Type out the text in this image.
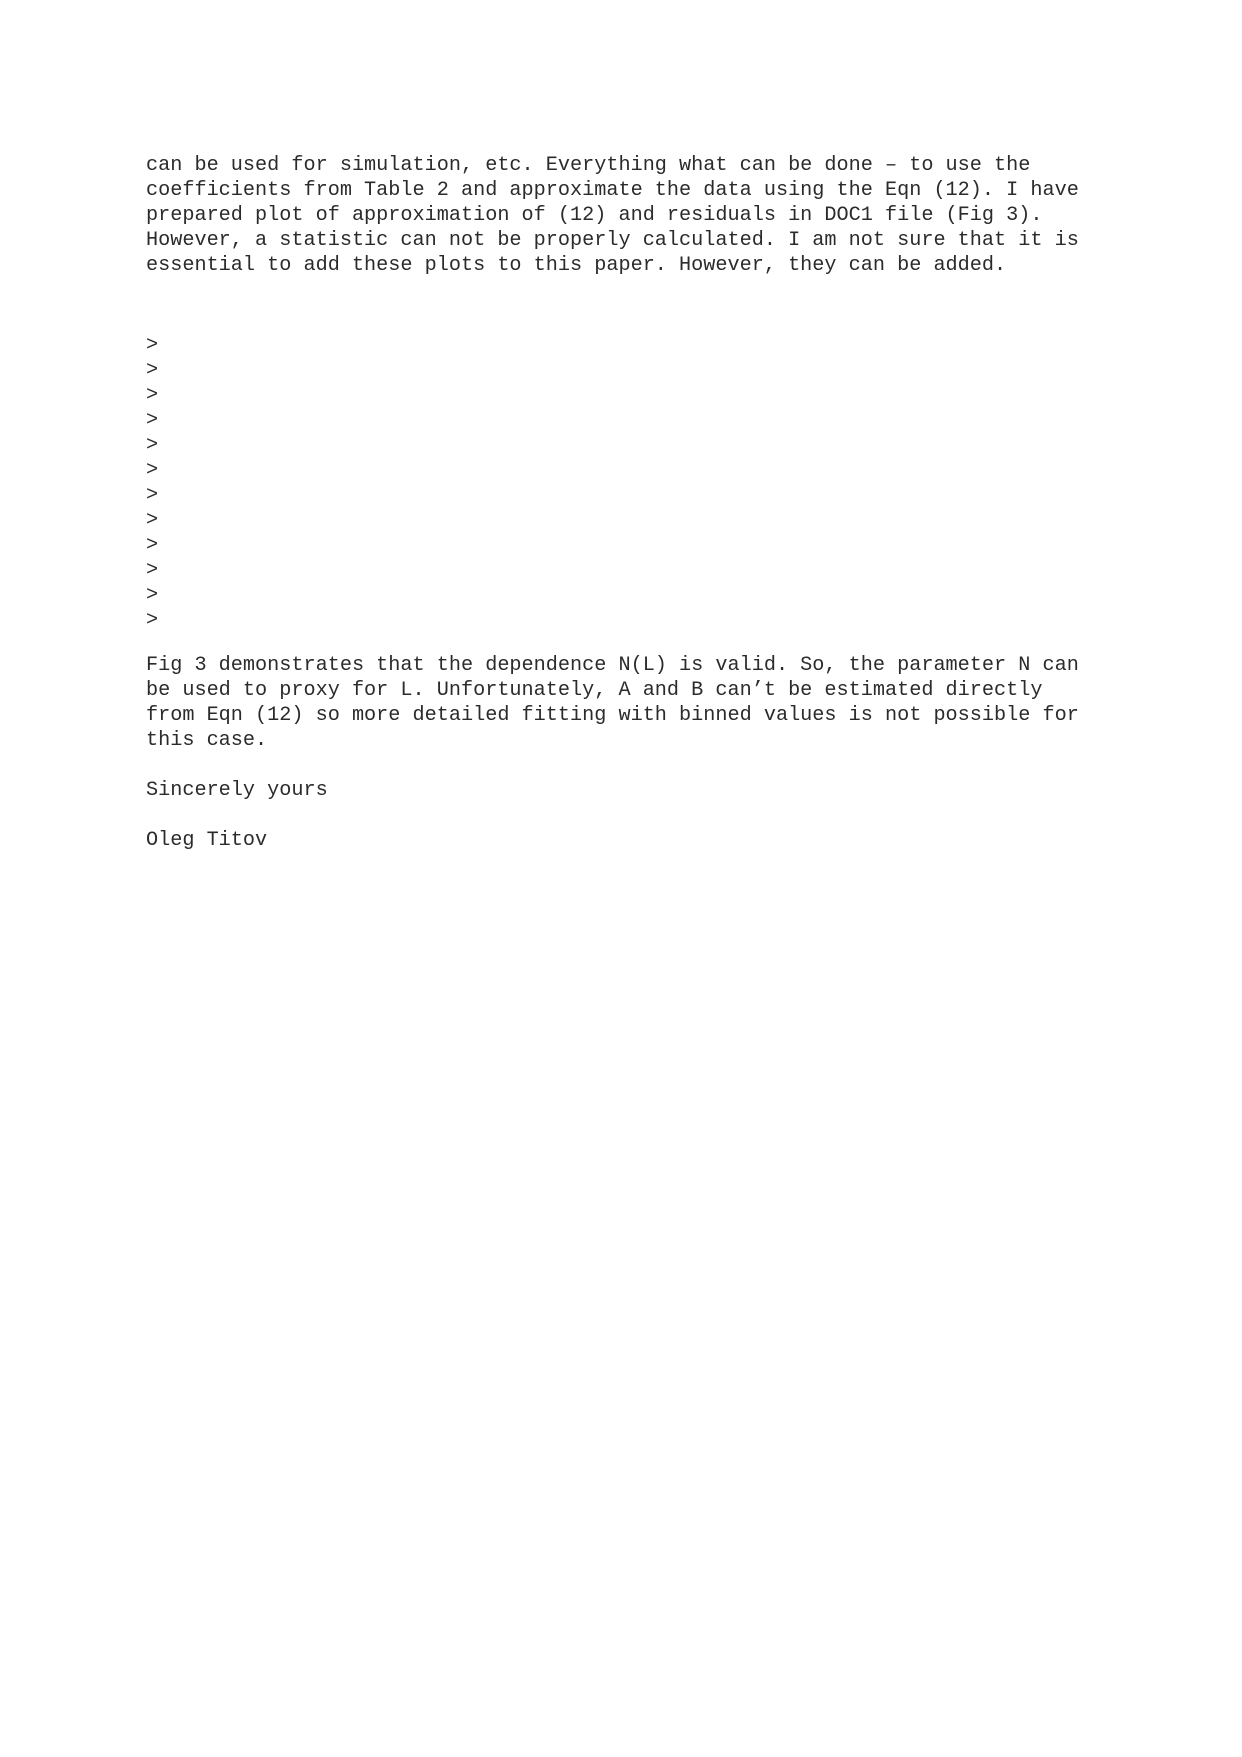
can be used for simulation, etc. Everything what can be done – to use the
coefficients from Table 2 and approximate the data using the Eqn (12). I have
prepared plot of approximation of (12) and residuals in DOC1 file (Fig 3).
However, a statistic can not be properly calculated. I am not sure that it is
essential to add these plots to this paper. However, they can be added.
>
>
>
>
>
>
>
>
>
>
>
>
Fig 3 demonstrates that the dependence N(L) is valid. So, the parameter N can
be used to proxy for L. Unfortunately, A and B can’t be estimated directly
from Eqn (12) so more detailed fitting with binned values is not possible for
this case.
Sincerely yours
Oleg Titov
